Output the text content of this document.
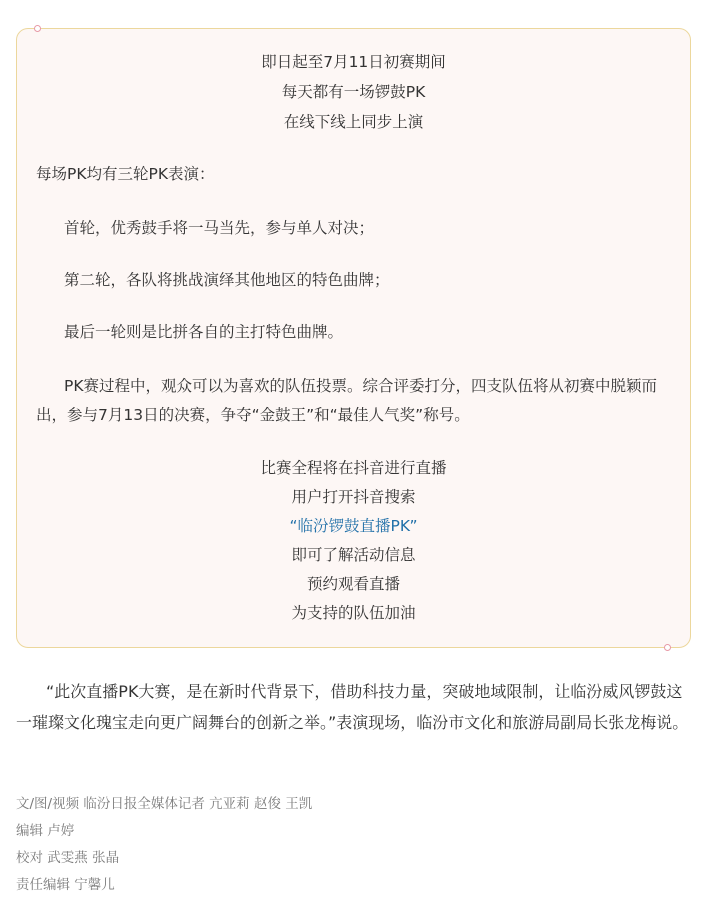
即日起至7月11日初赛期间
每天都有一场锣鼓PK
在线下线上同步上演
每场PK均有三轮PK表演：
首轮，优秀鼓手将一马当先，参与单人对决；
第二轮，各队将挑战演绎其他地区的特色曲牌；
最后一轮则是比拼各自的主打特色曲牌。
PK赛过程中，观众可以为喜欢的队伍投票。综合评委打分，四支队伍将从初赛中脱颖而出，参与7月13日的决赛，争夺“金鼓王”和“最佳人气奖”称号。
比赛全程将在抖音进行直播
用户打开抖音搜索
“临汾锣鼓直播PK”
即可了解活动信息
预约观看直播
为支持的队伍加油
“此次直播PK大赛，是在新时代背景下，借助科技力量，突破地域限制，让临汾威风锣鼓这一璀璨文化瑰宝走向更广阔舞台的创新之举。”表演现场，临汾市文化和旅游局副局长张龙梅说。
文/图/视频 临汾日报全媒体记者 亢亚莉 赵俊 王凯
编辑 卢婷
校对 武雯燕 张晶
责任编辑 宁馨儿
